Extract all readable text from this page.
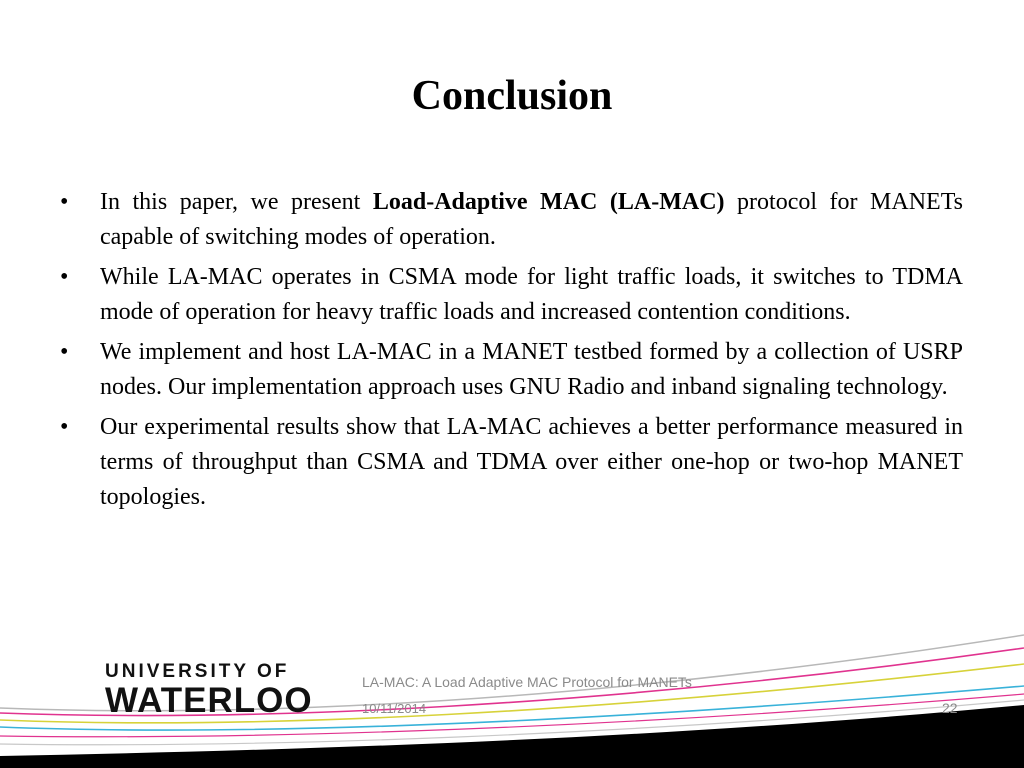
Conclusion
•	In this paper, we present Load-Adaptive MAC (LA-MAC) protocol for MANETs capable of switching modes of operation.
•	While LA-MAC operates in CSMA mode for light traffic loads, it switches to TDMA mode of operation for heavy traffic loads and increased contention conditions.
•	We implement and host LA-MAC in a MANET testbed formed by a collection of USRP nodes. Our implementation approach uses GNU Radio and inband signaling technology.
•	Our experimental results show that LA-MAC achieves a better performance measured in terms of throughput than CSMA and TDMA over either one-hop or two-hop MANET topologies.
UNIVERSITY OF
WATERLOO	LA-MAC: A Load Adaptive MAC Protocol for MANETs
10/11/2014	22
